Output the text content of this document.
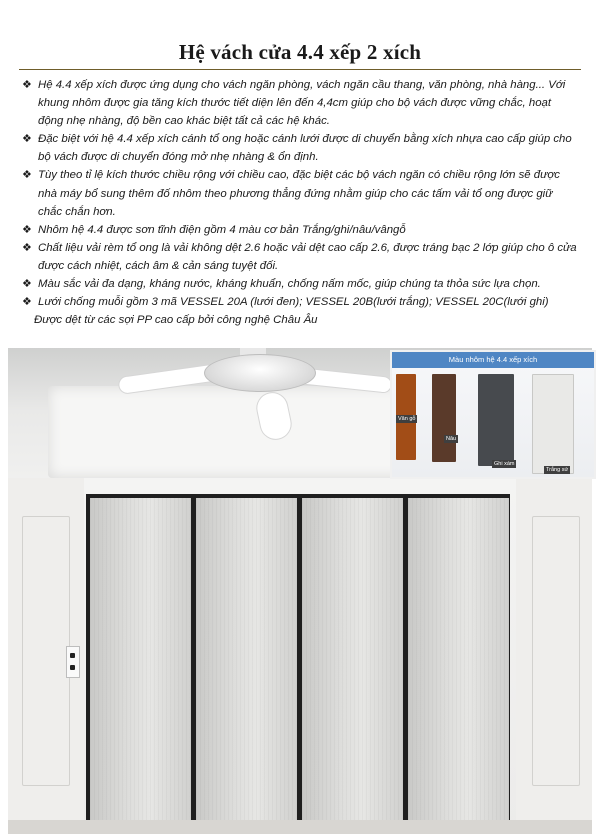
Hệ vách cửa 4.4 xếp 2 xích
❖ Hệ 4.4 xếp xích được ứng dụng cho vách ngăn phòng, vách ngăn cầu thang, văn phòng, nhà hàng... Với khung nhôm được gia tăng kích thước tiết diện lên đến 4,4cm giúp cho bộ vách được vững chắc, hoạt động nhẹ nhàng, độ bền cao khác biệt tất cả các hệ khác.
❖ Đặc biệt với hệ 4.4 xếp xích cánh tổ ong hoặc cánh lưới được di chuyển bằng xích nhựa cao cấp giúp cho bộ vách được di chuyển đóng mở nhẹ nhàng & ổn định.
❖ Tùy theo tỉ lệ kích thước chiều rộng với chiều cao, đặc biệt các bộ vách ngăn có chiều rộng lớn sẽ được nhà máy bổ sung thêm đố nhôm theo phương thẳng đứng nhằm giúp cho các tấm vải tổ ong được giữ chắc chắn hơn.
❖ Nhôm hệ 4.4 được sơn tĩnh điện gồm 4 màu cơ bản Trắng/ghi/nâu/vângỗ
❖ Chất liệu vải rèm tổ ong là vải không dệt 2.6 hoặc vải dệt cao cấp 2.6, được tráng bạc 2 lớp giúp cho ô cửa được cách nhiệt, cách âm & cản sáng tuyệt đối.
❖ Màu sắc vải đa dạng, kháng nước, kháng khuẩn, chống nấm mốc, giúp chúng ta thỏa sức lựa chọn.
❖ Lưới chống muỗi gồm 3 mã VESSEL 20A (lưới đen); VESSEL 20B(lưới trắng); VESSEL 20C(lưới ghi)
Được dệt từ các sợi PP cao cấp bởi công nghệ Châu Âu
Màu nhôm hệ 4.4 xếp xích
Vân gỗ
Nâu
Ghi xám
Trắng sứ
